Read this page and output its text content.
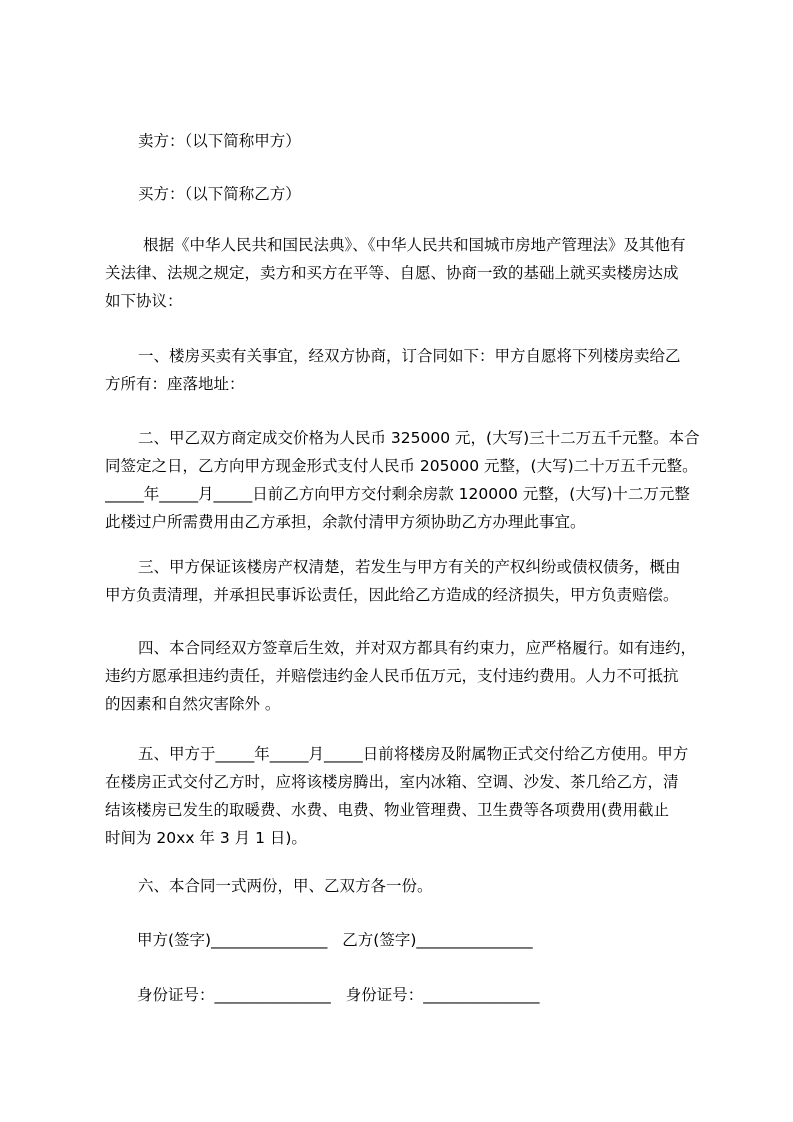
卖方：（以下简称甲方）
买方：（以下简称乙方）
根据《中华人民共和国民法典》、《中华人民共和国城市房地产管理法》及其他有
关法律、法规之规定，卖方和买方在平等、自愿、协商一致的基础上就买卖楼房达成
如下协议：
一、楼房买卖有关事宜，经双方协商，订合同如下：甲方自愿将下列楼房卖给乙
方所有：座落地址：
二、甲乙双方商定成交价格为人民币 325000 元，(大写)三十二万五千元整。本合
同签定之日，乙方向甲方现金形式支付人民币 205000 元整，(大写)二十万五千元整。
_____年_____月_____日前乙方向甲方交付剩余房款 120000 元整，(大写)十二万元整
此楼过户所需费用由乙方承担，余款付清甲方须协助乙方办理此事宜。
三、甲方保证该楼房产权清楚，若发生与甲方有关的产权纠纷或债权债务，概由
甲方负责清理，并承担民事诉讼责任，因此给乙方造成的经济损失，甲方负责赔偿。
四、本合同经双方签章后生效，并对双方都具有约束力，应严格履行。如有违约，
违约方愿承担违约责任，并赔偿违约金人民币伍万元，支付违约费用。人力不可抵抗
的因素和自然灾害除外 。
五、甲方于_____年_____月_____日前将楼房及附属物正式交付给乙方使用。甲方
在楼房正式交付乙方时，应将该楼房腾出，室内冰箱、空调、沙发、茶几给乙方，清
结该楼房已发生的取暖费、水费、电费、物业管理费、卫生费等各项费用(费用截止
时间为 20xx 年 3 月 1 日)。
六、本合同一式两份，甲、乙双方各一份。
甲方(签字)_______________ 乙方(签字)_______________
身份证号：_______________ 身份证号：_______________
